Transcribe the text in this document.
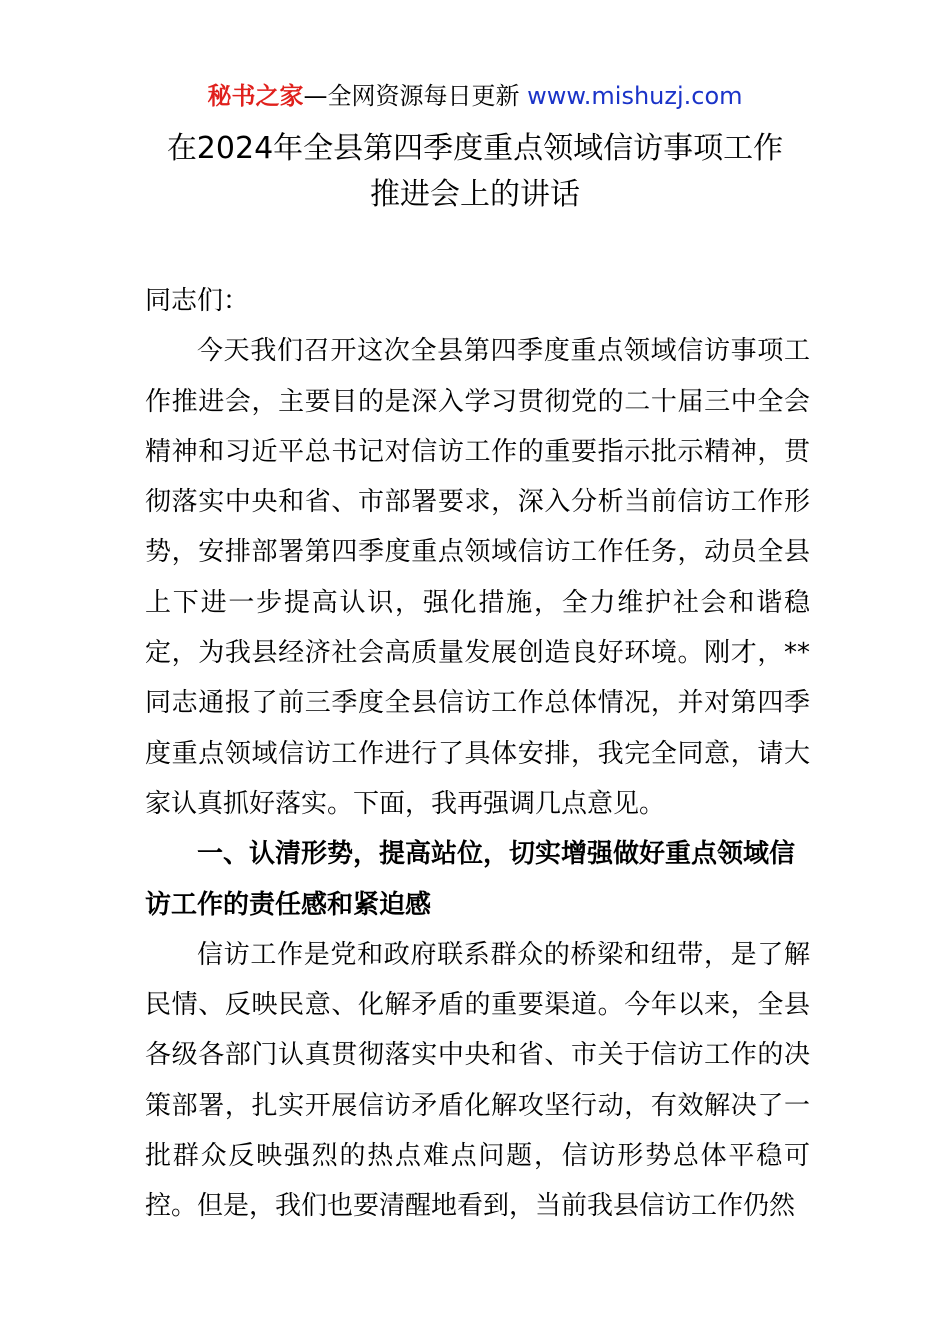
秘书之家—全网资源每日更新 www.mishuzj.com
在2024年全县第四季度重点领域信访事项工作
推进会上的讲话

同志们：

今天我们召开这次全县第四季度重点领域信访事项工作推进会，主要目的是深入学习贯彻党的二十届三中全会精神和习近平总书记对信访工作的重要指示批示精神，贯彻落实中央和省、市部署要求，深入分析当前信访工作形势，安排部署第四季度重点领域信访工作任务，动员全县上下进一步提高认识，强化措施，全力维护社会和谐稳定，为我县经济社会高质量发展创造良好环境。刚才，**同志通报了前三季度全县信访工作总体情况，并对第四季度重点领域信访工作进行了具体安排，我完全同意，请大家认真抓好落实。下面，我再强调几点意见。

一、认清形势，提高站位，切实增强做好重点领域信访工作的责任感和紧迫感

信访工作是党和政府联系群众的桥梁和纽带，是了解民情、反映民意、化解矛盾的重要渠道。今年以来，全县各级各部门认真贯彻落实中央和省、市关于信访工作的决策部署，扎实开展信访矛盾化解攻坚行动，有效解决了一批群众反映强烈的热点难点问题，信访形势总体平稳可控。但是，我们也要清醒地看到，当前我县信访工作仍然
